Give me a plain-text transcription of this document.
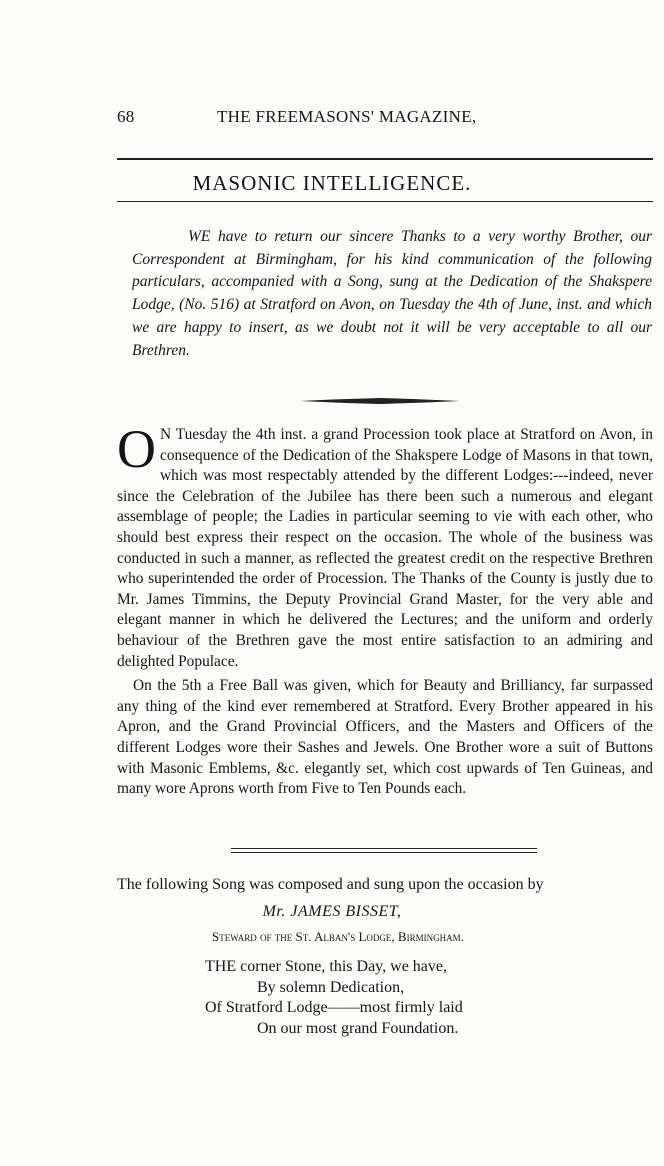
68	THE FREEMASONS' MAGAZINE,
MASONIC INTELLIGENCE.

WE have to return our sincere Thanks to a very worthy Brother, our Correspondent at Birmingham, for his kind communication of the following particulars, accompanied with a Song, sung at the Dedication of the Shakspere Lodge, (No. 516) at Stratford on Avon, on Tuesday the 4th of June, inst. and which we are happy to insert, as we doubt not it will be very acceptable to all our Brethren.

O N Tuesday the 4th inst. a grand Procession took place at Stratford on Avon, in consequence of the Dedication of the Shakspere Lodge of Masons in that town, which was most respectably attended by the different Lodges:---indeed, never since the Celebration of the Jubilee has there been such a numerous and elegant assemblage of people; the Ladies in particular seeming to vie with each other, who should best express their respect on the occasion. The whole of the business was conducted in such a manner, as reflected the greatest credit on the respective Brethren who superintended the order of Procession. The Thanks of the County is justly due to Mr. James Timmins, the Deputy Provincial Grand Master, for the very able and elegant manner in which he delivered the Lectures; and the uniform and orderly behaviour of the Brethren gave the most entire satisfaction to an admiring and delighted Populace.

On the 5th a Free Ball was given, which for Beauty and Brilliancy, far surpassed any thing of the kind ever remembered at Stratford. Every Brother appeared in his Apron, and the Grand Provincial Officers, and the Masters and Officers of the different Lodges wore their Sashes and Jewels. One Brother wore a suit of Buttons with Masonic Emblems, &c. elegantly set, which cost upwards of Ten Guineas, and many wore Aprons worth from Five to Ten Pounds each.

The following Song was composed and sung upon the occasion by
Mr. JAMES BISSET,
Steward of the St. Alban's Lodge, Birmingham.
THE corner Stone, this Day, we have,
By solemn Dedication,
Of Stratford Lodge——most firmly laid
On our most grand Foundation.
